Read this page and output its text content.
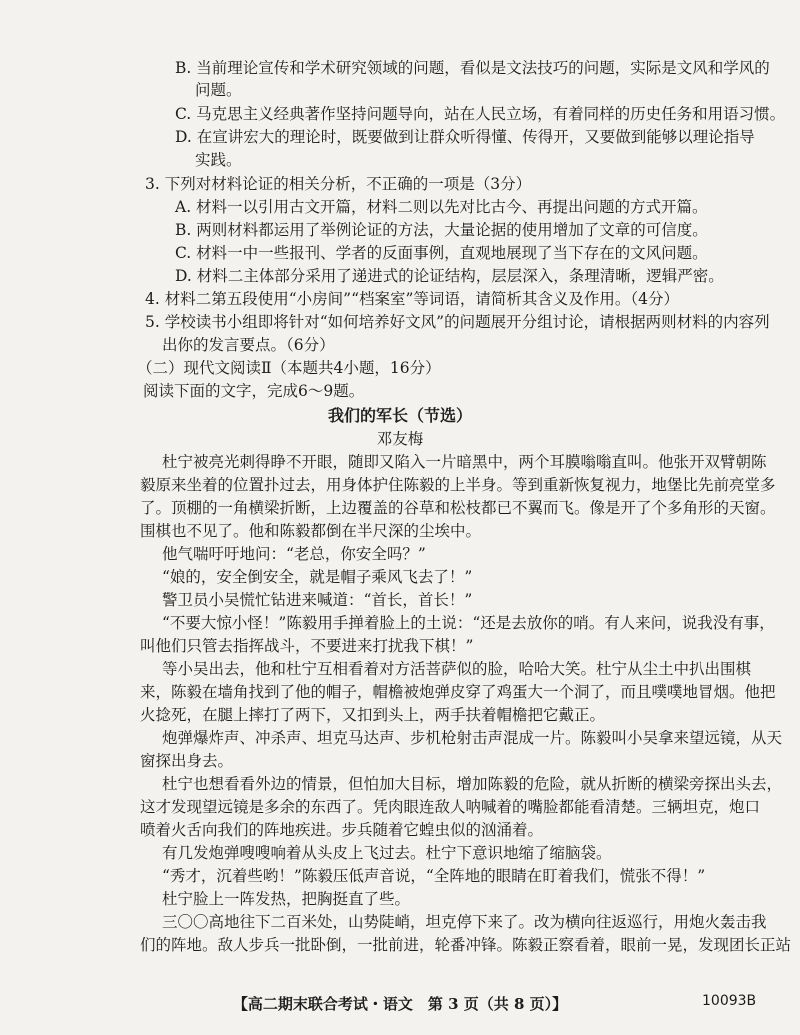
B. 当前理论宣传和学术研究领域的问题，看似是文法技巧的问题，实际是文风和学风的
问题。
C. 马克思主义经典著作坚持问题导向，站在人民立场，有着同样的历史任务和用语习惯。
D. 在宣讲宏大的理论时，既要做到让群众听得懂、传得开，又要做到能够以理论指导
实践。
3. 下列对材料论证的相关分析，不正确的一项是（3分）
A. 材料一以引用古文开篇，材料二则以先对比古今、再提出问题的方式开篇。
B. 两则材料都运用了举例论证的方法，大量论据的使用增加了文章的可信度。
C. 材料一中一些报刊、学者的反面事例，直观地展现了当下存在的文风问题。
D. 材料二主体部分采用了递进式的论证结构，层层深入，条理清晰，逻辑严密。
4. 材料二第五段使用“小房间”“档案室”等词语，请简析其含义及作用。（4分）
5. 学校读书小组即将针对“如何培养好文风”的问题展开分组讨论，请根据两则材料的内容列
出你的发言要点。（6分）
（二）现代文阅读Ⅱ（本题共4小题，16分）
阅读下面的文字，完成6～9题。
我们的军长（节选）
邓友梅
杜宁被亮光刺得睁不开眼，随即又陷入一片暗黑中，两个耳膜嗡嗡直叫。他张开双臂朝陈
毅原来坐着的位置扑过去，用身体护住陈毅的上半身。等到重新恢复视力，地堡比先前亮堂多
了。顶棚的一角横梁折断，上边覆盖的谷草和松枝都已不翼而飞。像是开了个多角形的天窗。
围棋也不见了。他和陈毅都倒在半尺深的尘埃中。
他气喘吁吁地问：“老总，你安全吗？”
“娘的，安全倒安全，就是帽子乘风飞去了！”
警卫员小吴慌忙钻进来喊道：“首长，首长！”
“不要大惊小怪！”陈毅用手掸着脸上的土说：“还是去放你的哨。有人来问，说我没有事，
叫他们只管去指挥战斗，不要进来打扰我下棋！”
等小吴出去，他和杜宁互相看着对方活菩萨似的脸，哈哈大笑。杜宁从尘土中扒出围棋
来，陈毅在墙角找到了他的帽子，帽檐被炮弹皮穿了鸡蛋大一个洞了，而且噗噗地冒烟。他把
火捻死，在腿上摔打了两下，又扣到头上，两手扶着帽檐把它戴正。
炮弹爆炸声、冲杀声、坦克马达声、步机枪射击声混成一片。陈毅叫小吴拿来望远镜，从天
窗探出身去。
杜宁也想看看外边的情景，但怕加大目标，增加陈毅的危险，就从折断的横梁旁探出头去，
这才发现望远镜是多余的东西了。凭肉眼连敌人呐喊着的嘴脸都能看清楚。三辆坦克，炮口
喷着火舌向我们的阵地疾进。步兵随着它蝗虫似的汹涌着。
有几发炮弹嗖嗖响着从头皮上飞过去。杜宁下意识地缩了缩脑袋。
“秀才，沉着些哟！”陈毅压低声音说，“全阵地的眼睛在盯着我们，慌张不得！”
杜宁脸上一阵发热，把胸挺直了些。
三〇〇高地往下二百米处，山势陡峭，坦克停下来了。改为横向往返巡行，用炮火轰击我
们的阵地。敌人步兵一批卧倒，一批前进，轮番冲锋。陈毅正察看着，眼前一晃，发现团长正站
【高二期末联合考试・语文　第 3 页（共 8 页）】	10093B
